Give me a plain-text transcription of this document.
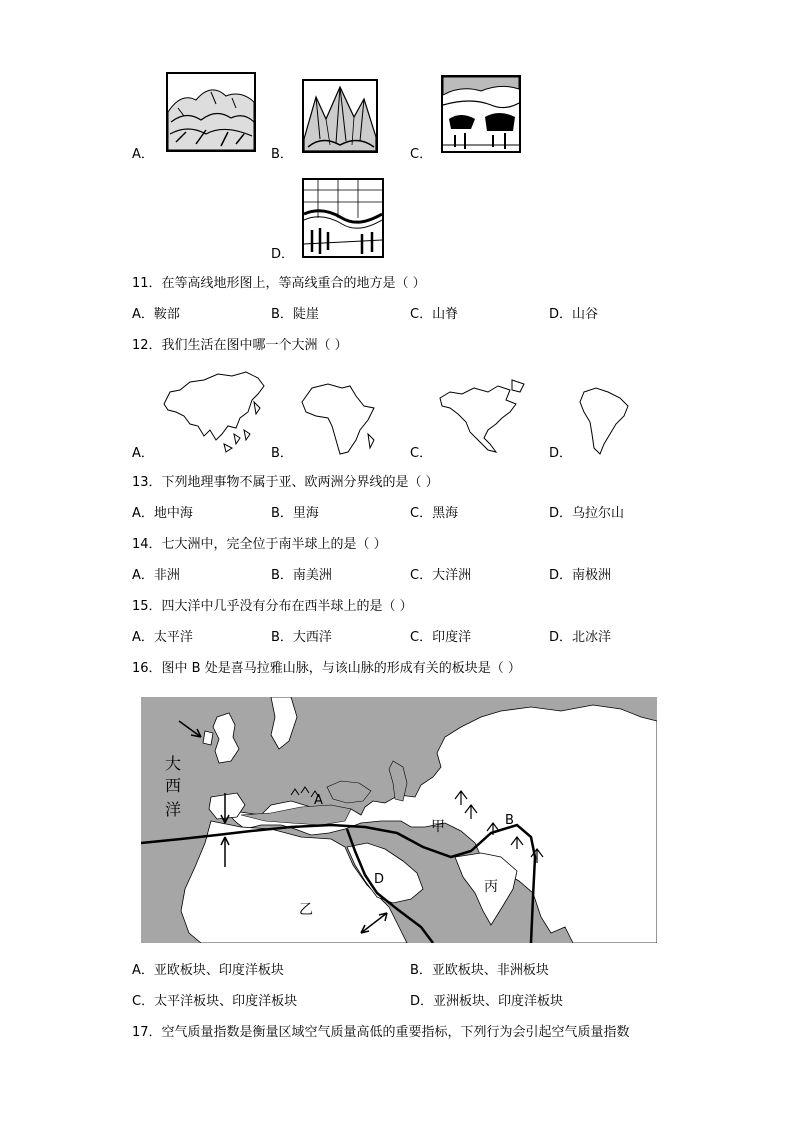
A．	B．	C．
D．
11．在等高线地形图上，等高线重合的地方是（ ）
A．鞍部	B．陡崖	C．山脊	D．山谷
12．我们生活在图中哪一个大洲（ ）
A．	B．	C．	D．
13．下列地理事物不属于亚、欧两洲分界线的是（ ）
A．地中海	B．里海	C．黑海	D．乌拉尔山
14．七大洲中，完全位于南半球上的是（ ）
A．非洲	B．南美洲	C．大洋洲	D．南极洲
15．四大洋中几乎没有分布在西半球上的是（ ）
A．太平洋	B．大西洋	C．印度洋	D．北冰洋
16．图中 B 处是喜马拉雅山脉，与该山脉的形成有关的板块是（ ）
大
西
洋	A
B
D
甲
乙
丙
A．亚欧板块、印度洋板块	B．亚欧板块、非洲板块
C．太平洋板块、印度洋板块	D．亚洲板块、印度洋板块
17．空气质量指数是衡量区域空气质量高低的重要指标，下列行为会引起空气质量指数
